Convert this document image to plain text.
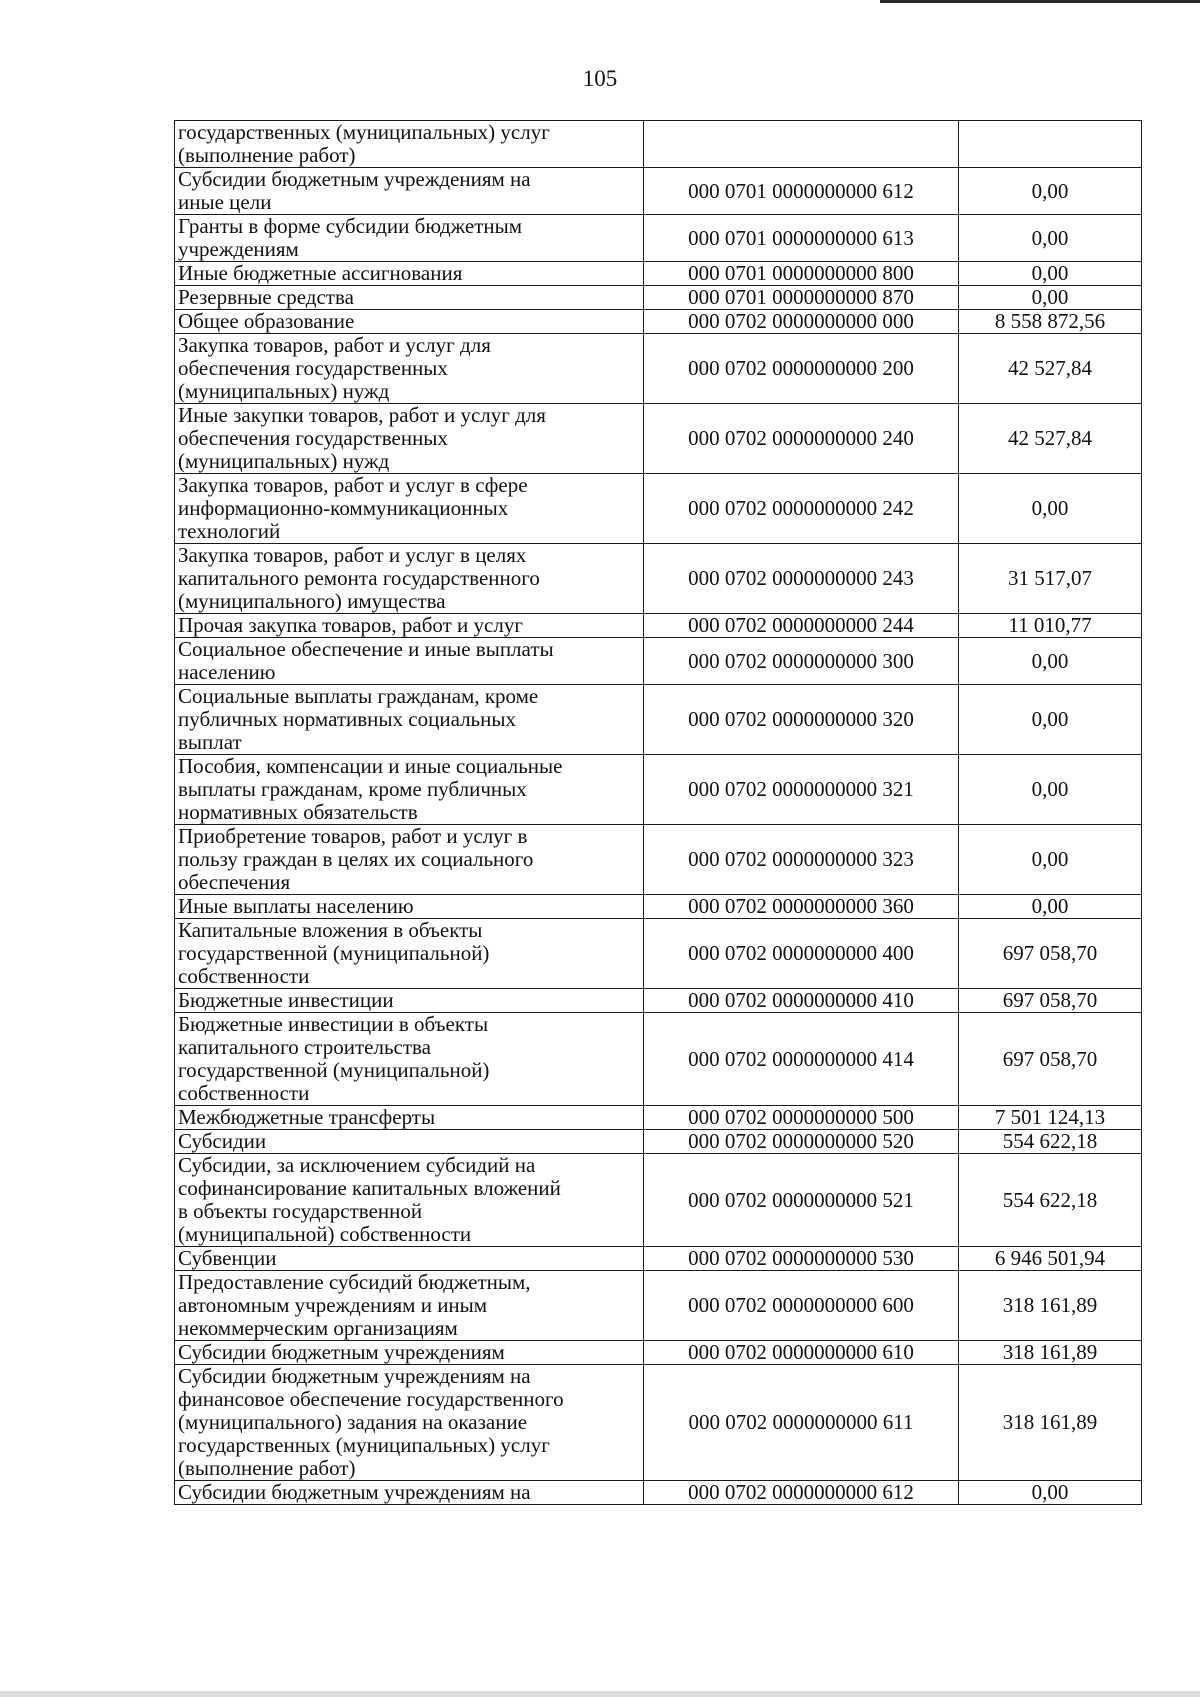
105
государственных (муниципальных) услуг
(выполнение работ)		
Субсидии бюджетным учреждениям на
иные цели	000 0701 0000000000 612	0,00
Гранты в форме субсидии бюджетным
учреждениям	000 0701 0000000000 613	0,00
Иные бюджетные ассигнования	000 0701 0000000000 800	0,00
Резервные средства	000 0701 0000000000 870	0,00
Общее образование	000 0702 0000000000 000	8 558 872,56
Закупка товаров, работ и услуг для
обеспечения государственных
(муниципальных) нужд	000 0702 0000000000 200	42 527,84
Иные закупки товаров, работ и услуг для
обеспечения государственных
(муниципальных) нужд	000 0702 0000000000 240	42 527,84
Закупка товаров, работ и услуг в сфере
информационно-коммуникационных
технологий	000 0702 0000000000 242	0,00
Закупка товаров, работ и услуг в целях
капитального ремонта государственного
(муниципального) имущества	000 0702 0000000000 243	31 517,07
Прочая закупка товаров, работ и услуг	000 0702 0000000000 244	11 010,77
Социальное обеспечение и иные выплаты
населению	000 0702 0000000000 300	0,00
Социальные выплаты гражданам, кроме
публичных нормативных социальных
выплат	000 0702 0000000000 320	0,00
Пособия, компенсации и иные социальные
выплаты гражданам, кроме публичных
нормативных обязательств	000 0702 0000000000 321	0,00
Приобретение товаров, работ и услуг в
пользу граждан в целях их социального
обеспечения	000 0702 0000000000 323	0,00
Иные выплаты населению	000 0702 0000000000 360	0,00
Капитальные вложения в объекты
государственной (муниципальной)
собственности	000 0702 0000000000 400	697 058,70
Бюджетные инвестиции	000 0702 0000000000 410	697 058,70
Бюджетные инвестиции в объекты
капитального строительства
государственной (муниципальной)
собственности	000 0702 0000000000 414	697 058,70
Межбюджетные трансферты	000 0702 0000000000 500	7 501 124,13
Субсидии	000 0702 0000000000 520	554 622,18
Субсидии, за исключением субсидий на
софинансирование капитальных вложений
в объекты государственной
(муниципальной) собственности	000 0702 0000000000 521	554 622,18
Субвенции	000 0702 0000000000 530	6 946 501,94
Предоставление субсидий бюджетным,
автономным учреждениям и иным
некоммерческим организациям	000 0702 0000000000 600	318 161,89
Субсидии бюджетным учреждениям	000 0702 0000000000 610	318 161,89
Субсидии бюджетным учреждениям на
финансовое обеспечение государственного
(муниципального) задания на оказание
государственных (муниципальных) услуг
(выполнение работ)	000 0702 0000000000 611	318 161,89
Субсидии бюджетным учреждениям на	000 0702 0000000000 612	0,00
